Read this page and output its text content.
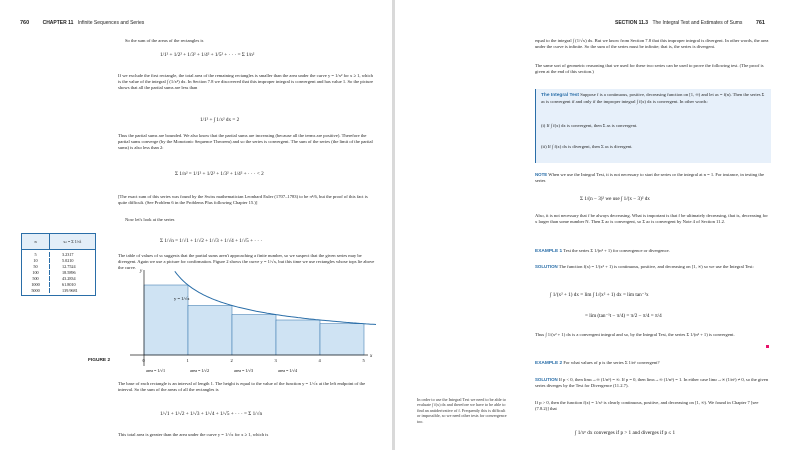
760	CHAPTER 11 Infinite Sequences and Series
So the sum of the areas of the rectangles is
1/1² + 1/2² + 1/3² + 1/4² + 1/5² + · · · = Σ 1/n²
If we exclude the first rectangle, the total area of the remaining rectangles is smaller than the area under the curve y = 1/x² for x ≥ 1, which is the value of the integral ∫ (1/x²) dx. In Section 7.8 we discovered that this improper integral is convergent and has value 1. So the picture shows that all the partial sums are less than
1/1² + ∫ 1/x² dx = 2
Thus the partial sums are bounded. We also know that the partial sums are increasing (because all the terms are positive). Therefore the partial sums converge (by the Monotonic Sequence Theorem) and so the series is convergent. The sum of the series (the limit of the partial sums) is also less than 2:
Σ 1/n² = 1/1² + 1/2² + 1/3² + 1/4² + · · · < 2
[The exact sum of this series was found by the Swiss mathematician Leonhard Euler (1707–1783) to be π²/6, but the proof of this fact is quite difficult. (See Problem 6 in the Problems Plus following Chapter 15.)]
Now let's look at the series
Σ 1/√n = 1/√1 + 1/√2 + 1/√3 + 1/√4 + 1/√5 + · · ·
The table of values of sₙ suggests that the partial sums aren't approaching a finite number, so we suspect that the given series may be divergent. Again we use a picture for confirmation. Figure 2 shows the curve y = 1/√x, but this time we use rectangles whose tops lie above the curve.
n	sₙ = Σ 1/√i
5	3.2317
10	5.0210
50	12.7524
100	18.5896
500	43.2834
1000	61.8010
5000	139.9681
x
y
y = 1/√x
0	1	2	3	4	5
area = 1/√1	area = 1/√2	area = 1/√3	area = 1/√4
FIGURE 2
The base of each rectangle is an interval of length 1. The height is equal to the value of the function y = 1/√x at the left endpoint of the interval. So the sum of the areas of all the rectangles is
1/√1 + 1/√2 + 1/√3 + 1/√4 + 1/√5 + · · · = Σ 1/√n
This total area is greater than the area under the curve y = 1/√x for x ≥ 1, which is
SECTION 11.3 The Integral Test and Estimates of Sums 761
equal to the integral ∫ (1/√x) dx. But we know from Section 7.8 that this improper integral is divergent. In other words, the area under the curve is infinite. So the sum of the series must be infinite; that is, the series is divergent.
The same sort of geometric reasoning that we used for these two series can be used to prove the following test. (The proof is given at the end of this section.)
The Integral Test Suppose f is a continuous, positive, decreasing function on [1, ∞) and let aₙ = f(n). Then the series Σ aₙ is convergent if and only if the improper integral ∫ f(x) dx is convergent. In other words:
(i) If ∫ f(x) dx is convergent, then Σ aₙ is convergent.
(ii) If ∫ f(x) dx is divergent, then Σ aₙ is divergent.
NOTE When we use the Integral Test, it is not necessary to start the series or the integral at n = 1. For instance, in testing the series
Σ 1/(n − 3)² we use ∫ 1/(x − 3)² dx
Also, it is not necessary that f be always decreasing. What is important is that f be ultimately decreasing, that is, decreasing for x larger than some number N. Then Σ aₙ is convergent, so Σ aₙ is convergent by Note 4 of Section 11.2.
EXAMPLE 1 Test the series Σ 1/(n² + 1) for convergence or divergence.
SOLUTION The function f(x) = 1/(x² + 1) is continuous, positive, and decreasing on [1, ∞) so we use the Integral Test:
∫ 1/(x² + 1) dx = lim ∫ 1/(x² + 1) dx = lim tan⁻¹x
= lim (tan⁻¹t − π/4) = π/2 − π/4 = π/4
Thus ∫ 1/(x² + 1) dx is a convergent integral and so, by the Integral Test, the series Σ 1/(n² + 1) is convergent.
EXAMPLE 2 For what values of p is the series Σ 1/nᵖ convergent?
SOLUTION If p < 0, then limₙ→∞ (1/nᵖ) = ∞. If p = 0, then limₙ→∞ (1/nᵖ) = 1. In either case limₙ→∞ (1/nᵖ) ≠ 0, so the given series diverges by the Test for Divergence (11.2.7).
If p > 0, then the function f(x) = 1/xᵖ is clearly continuous, positive, and decreasing on [1, ∞). We found in Chapter 7 [see (7.8.2)] that
∫ 1/xᵖ dx converges if p > 1 and diverges if p ≤ 1
In order to use the Integral Test we need to be able to evaluate ∫ f(x) dx and therefore we have to be able to find an antiderivative of f. Frequently this is difficult or impossible, so we need other tests for convergence too.
